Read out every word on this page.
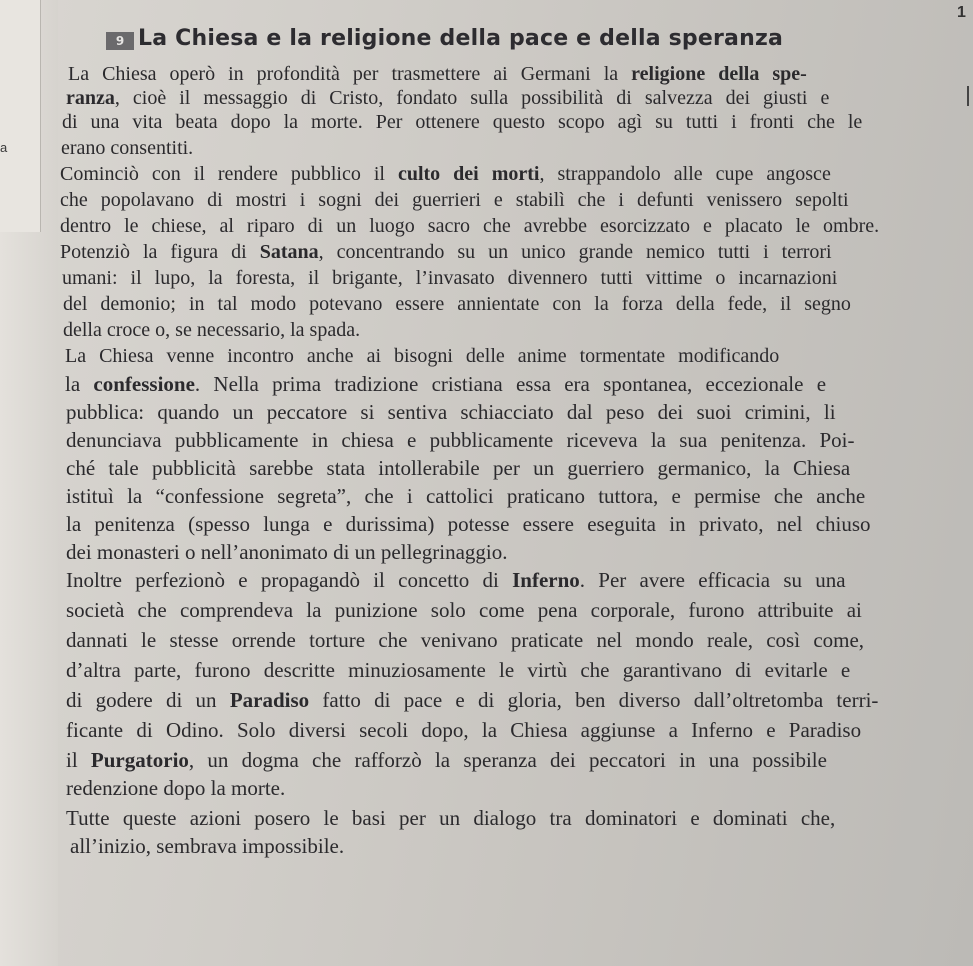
a
1
9 La Chiesa e la religione della pace e della speranza
La Chiesa operò in profondità per trasmettere ai Germani la religione della spe-
ranza, cioè il messaggio di Cristo, fondato sulla possibilità di salvezza dei giusti e
di una vita beata dopo la morte. Per ottenere questo scopo agì su tutti i fronti che le
erano consentiti.
Cominciò con il rendere pubblico il culto dei morti, strappandolo alle cupe angosce
che popolavano di mostri i sogni dei guerrieri e stabilì che i defunti venissero sepolti
dentro le chiese, al riparo di un luogo sacro che avrebbe esorcizzato e placato le ombre.
Potenziò la figura di Satana, concentrando su un unico grande nemico tutti i terrori
umani: il lupo, la foresta, il brigante, l’invasato divennero tutti vittime o incarnazioni
del demonio; in tal modo potevano essere annientate con la forza della fede, il segno
della croce o, se necessario, la spada.
La Chiesa venne incontro anche ai bisogni delle anime tormentate modificando
la confessione. Nella prima tradizione cristiana essa era spontanea, eccezionale e
pubblica: quando un peccatore si sentiva schiacciato dal peso dei suoi crimini, li
denunciava pubblicamente in chiesa e pubblicamente riceveva la sua penitenza. Poi-
ché tale pubblicità sarebbe stata intollerabile per un guerriero germanico, la Chiesa
istituì la “confessione segreta”, che i cattolici praticano tuttora, e permise che anche
la penitenza (spesso lunga e durissima) potesse essere eseguita in privato, nel chiuso
dei monasteri o nell’anonimato di un pellegrinaggio.
Inoltre perfezionò e propagandò il concetto di Inferno. Per avere efficacia su una
società che comprendeva la punizione solo come pena corporale, furono attribuite ai
dannati le stesse orrende torture che venivano praticate nel mondo reale, così come,
d’altra parte, furono descritte minuziosamente le virtù che garantivano di evitarle e
di godere di un Paradiso fatto di pace e di gloria, ben diverso dall’oltretomba terri-
ficante di Odino. Solo diversi secoli dopo, la Chiesa aggiunse a Inferno e Paradiso
il Purgatorio, un dogma che rafforzò la speranza dei peccatori in una possibile
redenzione dopo la morte.
Tutte queste azioni posero le basi per un dialogo tra dominatori e dominati che,
all’inizio, sembrava impossibile.
